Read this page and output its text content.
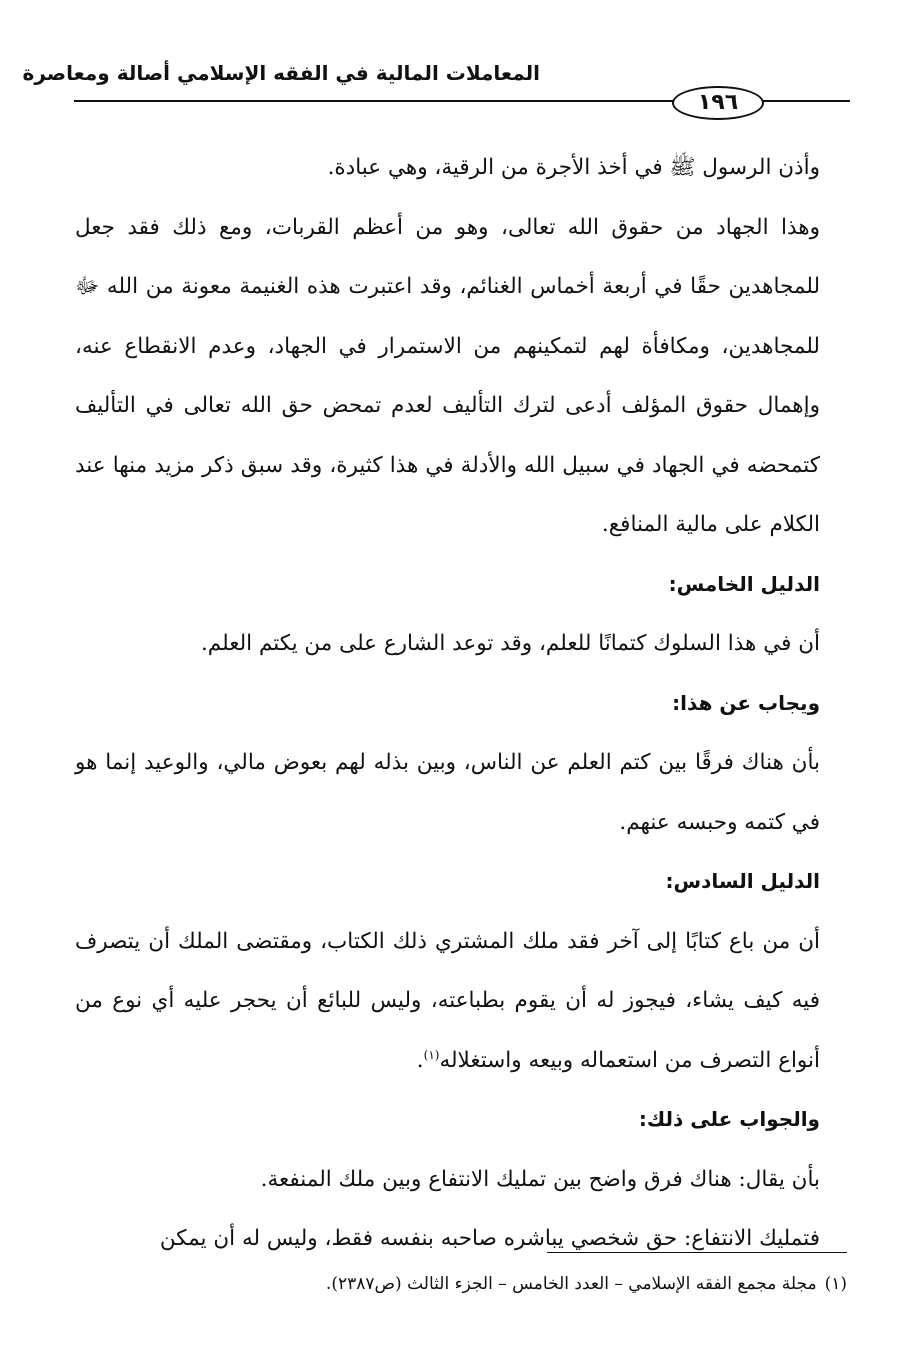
المعاملات المالية في الفقه الإسلامي أصالة ومعاصرة
١٩٦

وأذن الرسول ﷺ في أخذ الأجرة من الرقية، وهي عبادة.

وهذا الجهاد من حقوق الله تعالى، وهو من أعظم القربات، ومع ذلك فقد جعل للمجاهدين حقًا في أربعة أخماس الغنائم، وقد اعتبرت هذه الغنيمة معونة من الله ﷻ للمجاهدين، ومكافأة لهم لتمكينهم من الاستمرار في الجهاد، وعدم الانقطاع عنه، وإهمال حقوق المؤلف أدعى لترك التأليف لعدم تمحض حق الله تعالى في التأليف كتمحضه في الجهاد في سبيل الله والأدلة في هذا كثيرة، وقد سبق ذكر مزيد منها عند الكلام على مالية المنافع.

الدليل الخامس:

أن في هذا السلوك كتمانًا للعلم، وقد توعد الشارع على من يكتم العلم.

ويجاب عن هذا:

بأن هناك فرقًا بين كتم العلم عن الناس، وبين بذله لهم بعوض مالي، والوعيد إنما هو في كتمه وحبسه عنهم.

الدليل السادس:

أن من باع كتابًا إلى آخر فقد ملك المشتري ذلك الكتاب، ومقتضى الملك أن يتصرف فيه كيف يشاء، فيجوز له أن يقوم بطباعته، وليس للبائع أن يحجر عليه أي نوع من أنواع التصرف من استعماله وبيعه واستغلاله$^{(١)}$.

والجواب على ذلك:

بأن يقال: هناك فرق واضح بين تمليك الانتفاع وبين ملك المنفعة.

فتمليك الانتفاع: حق شخصي يباشره صاحبه بنفسه فقط، وليس له أن يمكن

(١)مجلة مجمع الفقه الإسلامي – العدد الخامس – الجزء الثالث (ص٢٣٨٧).
